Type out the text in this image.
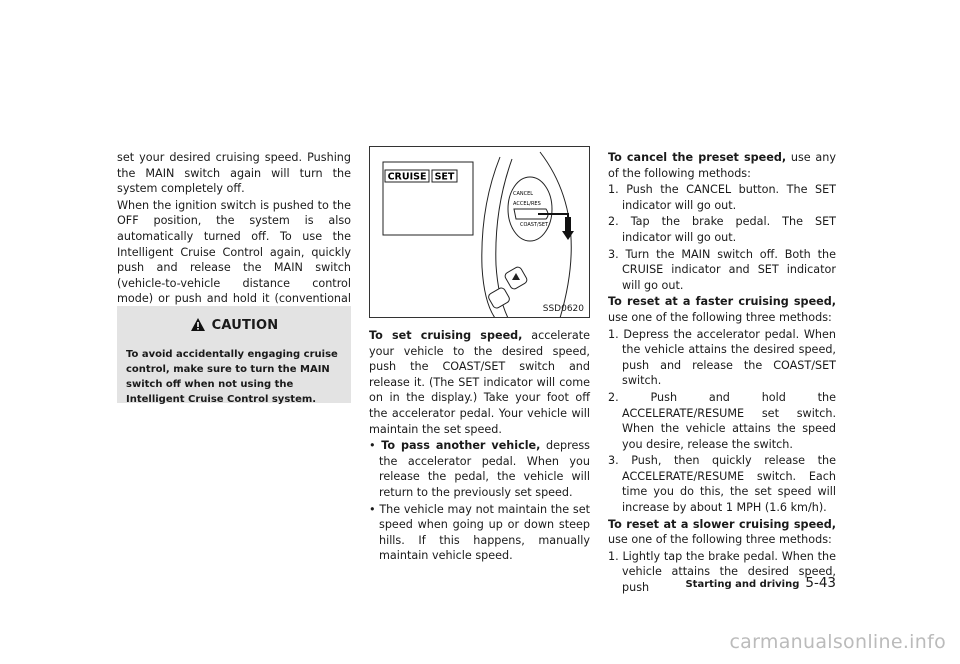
set your desired cruising speed. Pushing the MAIN switch again will turn the system completely off.

When the ignition switch is pushed to the OFF position, the system is also automatically turned off. To use the Intelligent Cruise Control again, quickly push and release the MAIN switch (vehicle-to-vehicle distance control mode) or push and hold it (conventional

CAUTION
To avoid accidentally engaging cruise control, make sure to turn the MAIN switch off when not using the Intelligent Cruise Control system.
CRUISE SET
CANCEL
ACCEL/RES
COAST/SET
SSD0620

To set cruising speed, accelerate your vehicle to the desired speed, push the COAST/SET switch and release it. (The SET indicator will come on in the display.) Take your foot off the accelerator pedal. Your vehicle will maintain the set speed.

• To pass another vehicle, depress the accelerator pedal. When you release the pedal, the vehicle will return to the previously set speed.
• The vehicle may not maintain the set speed when going up or down steep hills. If this happens, manually maintain vehicle speed.

To cancel the preset speed, use any of the following methods:

1. Push the CANCEL button. The SET indicator will go out.
2. Tap the brake pedal. The SET indicator will go out.
3. Turn the MAIN switch off. Both the CRUISE indicator and SET indicator will go out.

To reset at a faster cruising speed, use one of the following three methods:

1. Depress the accelerator pedal. When the vehicle attains the desired speed, push and release the COAST/SET switch.
2. Push and hold the ACCELERATE/RESUME set switch. When the vehicle attains the speed you desire, release the switch.
3. Push, then quickly release the ACCELERATE/RESUME switch. Each time you do this, the set speed will increase by about 1 MPH (1.6 km/h).

To reset at a slower cruising speed, use one of the following three methods:

1. Lightly tap the brake pedal. When the vehicle attains the desired speed, push	Starting and driving 5-43
carmanualsonline.info
